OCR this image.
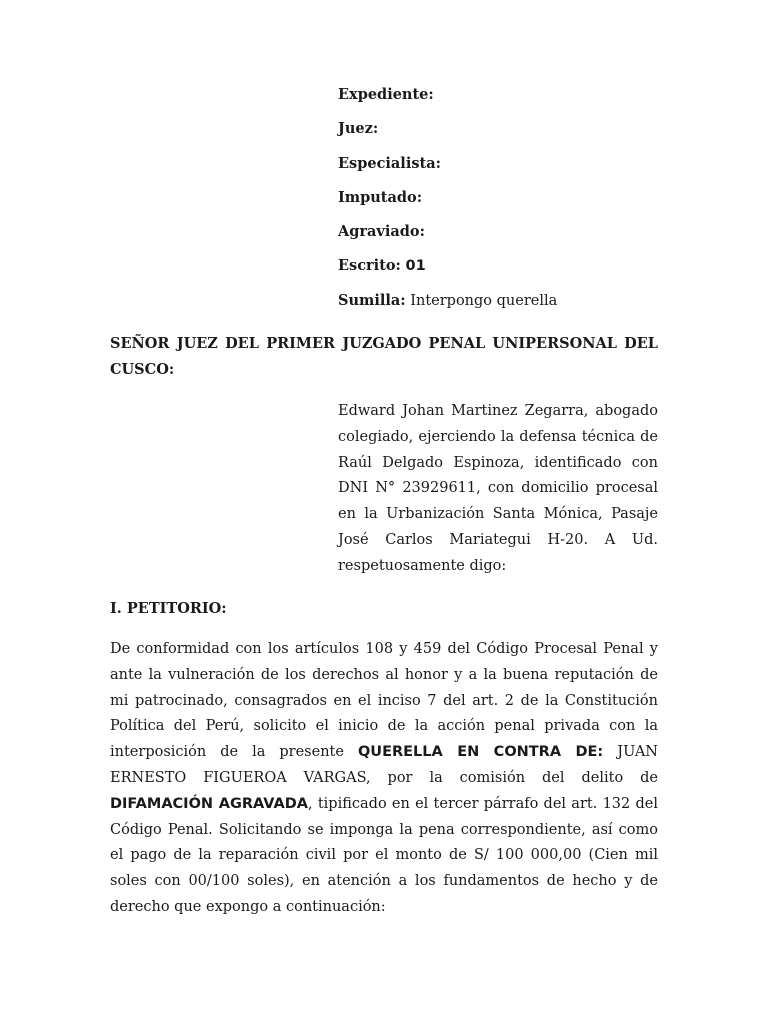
Expediente:
Juez:
Especialista:
Imputado:
Agraviado:
Escrito: 01
Sumilla: Interpongo querella
SEÑOR JUEZ DEL PRIMER JUZGADO PENAL UNIPERSONAL DEL CUSCO:
Edward Johan Martinez Zegarra, abogado colegiado, ejerciendo la defensa técnica de Raúl Delgado Espinoza, identificado con DNI N° 23929611, con domicilio procesal en la Urbanización Santa Mónica, Pasaje José Carlos Mariategui H-20. A Ud. respetuosamente digo:
I. PETITORIO:
De conformidad con los artículos 108 y 459 del Código Procesal Penal y ante la vulneración de los derechos al honor y a la buena reputación de mi patrocinado, consagrados en el inciso 7 del art. 2 de la Constitución Política del Perú, solicito el inicio de la acción penal privada con la interposición de la presente QUERELLA EN CONTRA DE: JUAN ERNESTO FIGUEROA VARGAS, por la comisión del delito de DIFAMACIÓN AGRAVADA, tipificado en el tercer párrafo del art. 132 del Código Penal. Solicitando se imponga la pena correspondiente, así como el pago de la reparación civil por el monto de S/ 100 000,00 (Cien mil soles con 00/100 soles), en atención a los fundamentos de hecho y de derecho que expongo a continuación:
